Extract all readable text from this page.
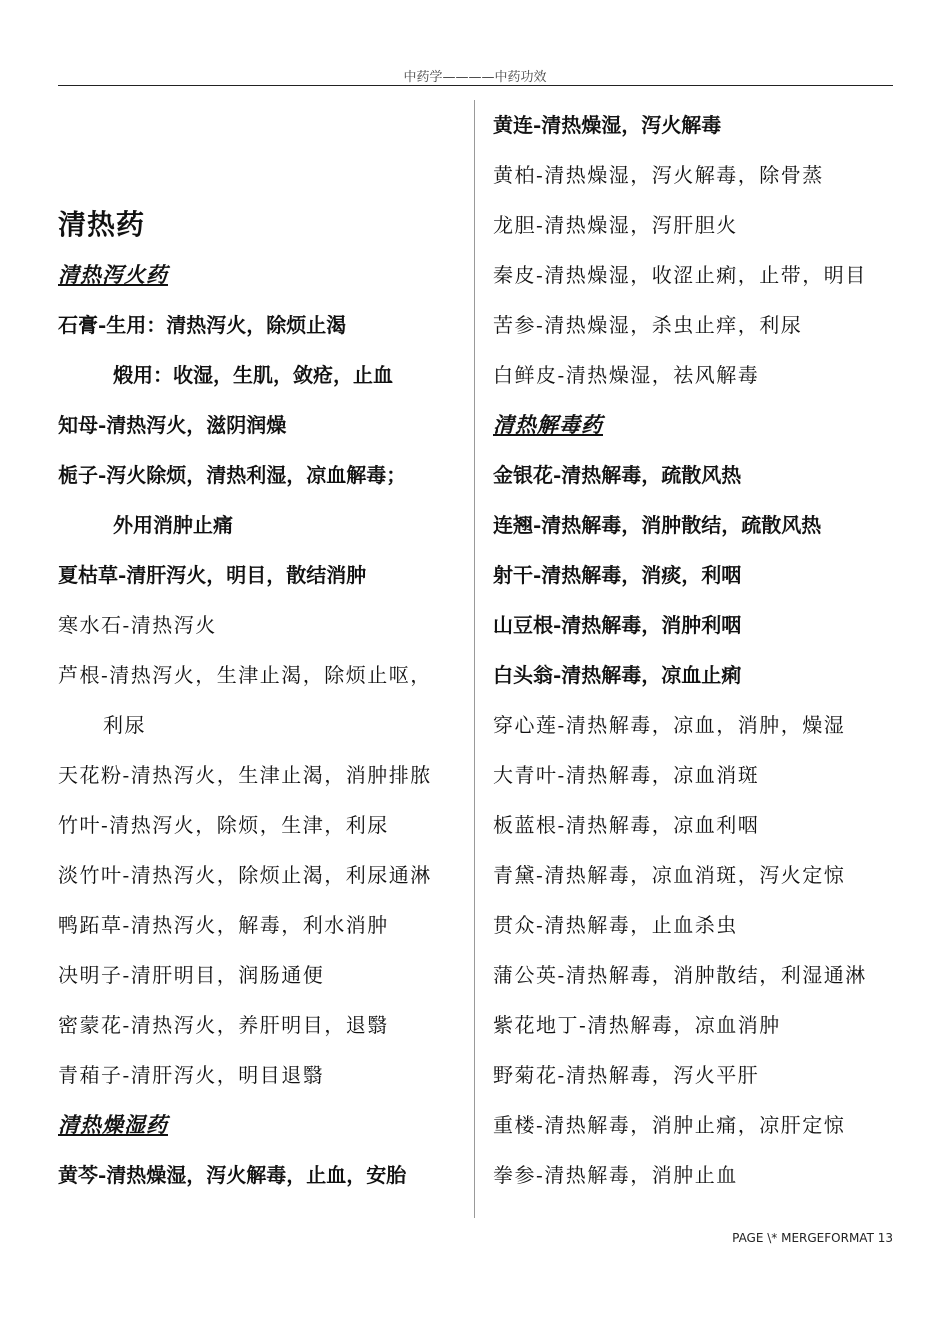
中药学————中药功效
清热药
清热泻火药
石膏-生用：清热泻火，除烦止渴
煅用：收湿，生肌，敛疮，止血
知母-清热泻火，滋阴润燥
栀子-泻火除烦，清热利湿，凉血解毒；
外用消肿止痛
夏枯草-清肝泻火，明目，散结消肿
寒水石-清热泻火
芦根-清热泻火，生津止渴，除烦止呕，
利尿
天花粉-清热泻火，生津止渴，消肿排脓
竹叶-清热泻火，除烦，生津，利尿
淡竹叶-清热泻火，除烦止渴，利尿通淋
鸭跖草-清热泻火，解毒，利水消肿
决明子-清肝明目，润肠通便
密蒙花-清热泻火，养肝明目，退翳
青葙子-清肝泻火，明目退翳
清热燥湿药
黄芩-清热燥湿，泻火解毒，止血，安胎
黄连-清热燥湿，泻火解毒
黄柏-清热燥湿，泻火解毒，除骨蒸
龙胆-清热燥湿，泻肝胆火
秦皮-清热燥湿，收涩止痢，止带，明目
苦参-清热燥湿，杀虫止痒，利尿
白鲜皮-清热燥湿，祛风解毒
清热解毒药
金银花-清热解毒，疏散风热
连翘-清热解毒，消肿散结，疏散风热
射干-清热解毒，消痰，利咽
山豆根-清热解毒，消肿利咽
白头翁-清热解毒，凉血止痢
穿心莲-清热解毒，凉血，消肿，燥湿
大青叶-清热解毒，凉血消斑
板蓝根-清热解毒，凉血利咽
青黛-清热解毒，凉血消斑，泻火定惊
贯众-清热解毒，止血杀虫
蒲公英-清热解毒，消肿散结，利湿通淋
紫花地丁-清热解毒，凉血消肿
野菊花-清热解毒，泻火平肝
重楼-清热解毒，消肿止痛，凉肝定惊
拳参-清热解毒，消肿止血
PAGE \* MERGEFORMAT 13
